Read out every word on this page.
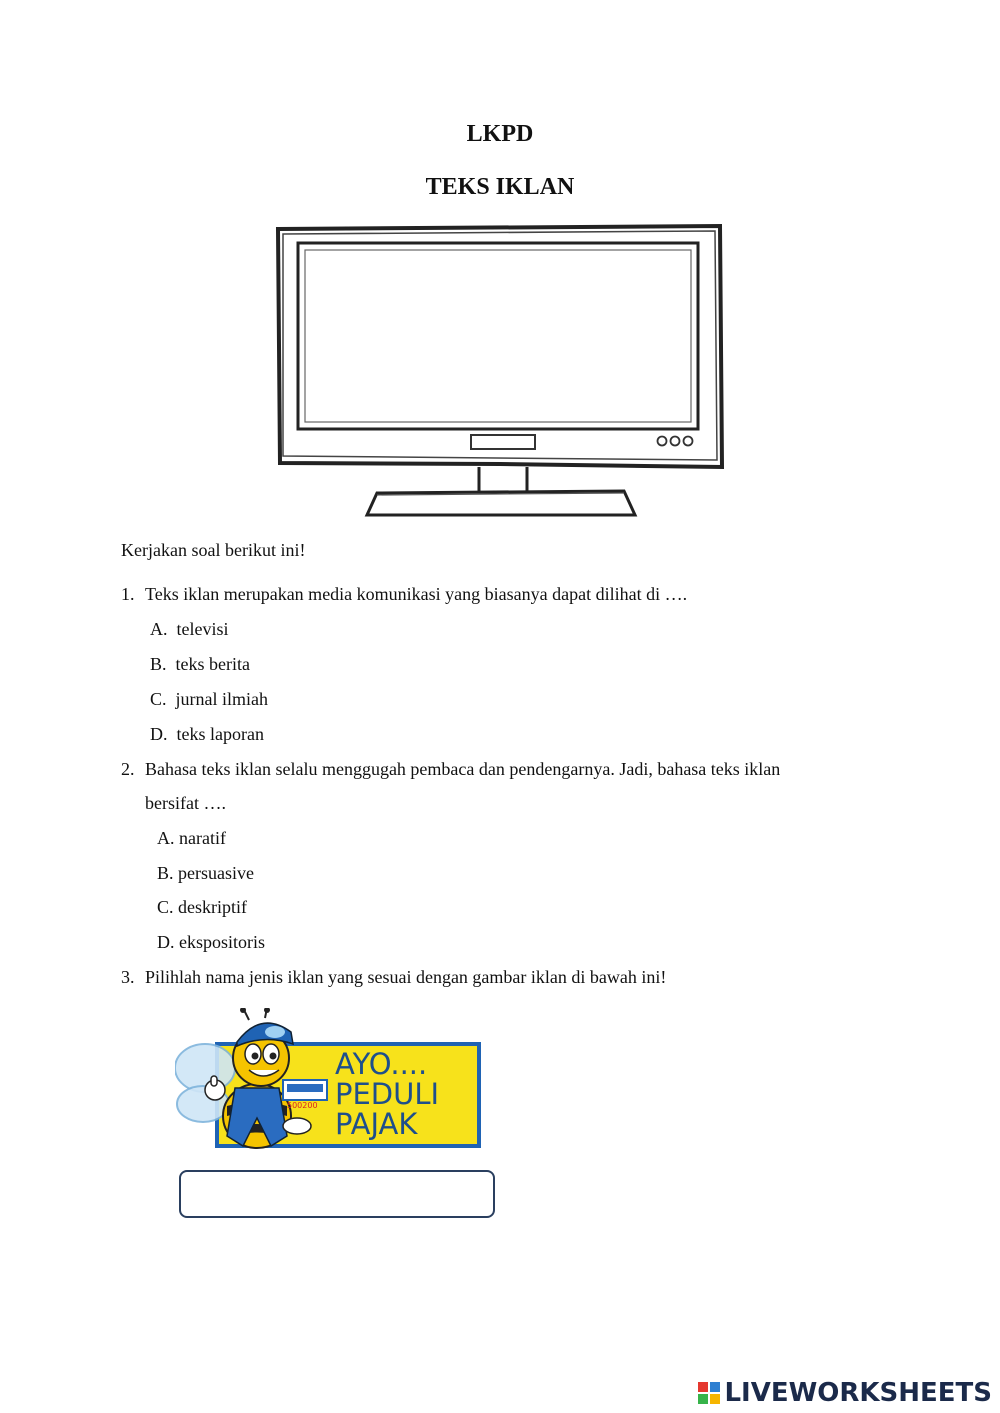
LKPD
TEKS IKLAN
Kerjakan soal berikut ini!
1. Teks iklan merupakan media komunikasi yang biasanya dapat dilihat di ….
A. televisi
B. teks berita
C. jurnal ilmiah
D. teks laporan
2. Bahasa teks iklan selalu menggugah pembaca dan pendengarnya. Jadi, bahasa teks iklan
bersifat ….
A. naratif
B. persuasive
C. deskriptif
D. ekspositoris
3. Pilihlah nama jenis iklan yang sesuai dengan gambar iklan di bawah ini!
AYO....
PEDULI
PAJAK
500200
LIVEWORKSHEETS
